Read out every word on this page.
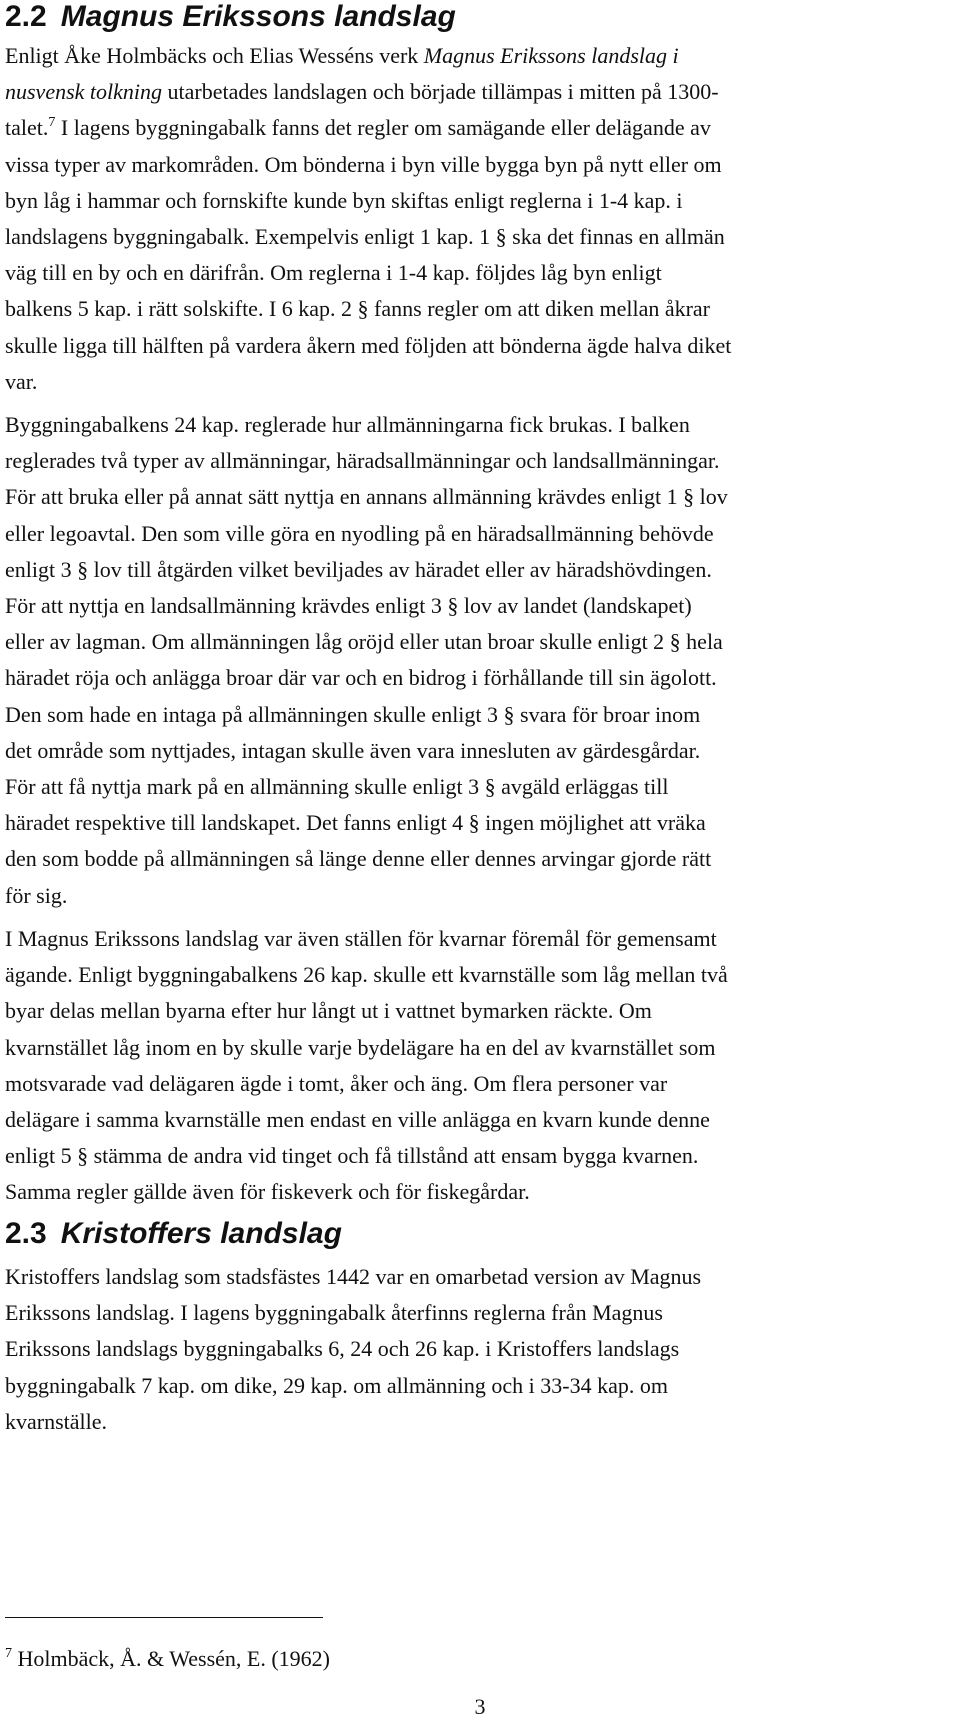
2.2 Magnus Erikssons landslag

Enligt Åke Holmbäcks och Elias Wesséns verk Magnus Erikssons landslag i
nusvensk tolkning utarbetades landslagen och började tillämpas i mitten på 1300-
talet.$^7$ I lagens byggningabalk fanns det regler om samägande eller delägande av
vissa typer av markområden. Om bönderna i byn ville bygga byn på nytt eller om
byn låg i hammar och fornskifte kunde byn skiftas enligt reglerna i 1-4 kap. i
landslagens byggningabalk. Exempelvis enligt 1 kap. 1 § ska det finnas en allmän
väg till en by och en därifrån. Om reglerna i 1-4 kap. följdes låg byn enligt
balkens 5 kap. i rätt solskifte. I 6 kap. 2 § fanns regler om att diken mellan åkrar
skulle ligga till hälften på vardera åkern med följden att bönderna ägde halva diket
var.

Byggningabalkens 24 kap. reglerade hur allmänningarna fick brukas. I balken
reglerades två typer av allmänningar, häradsallmänningar och landsallmänningar.
För att bruka eller på annat sätt nyttja en annans allmänning krävdes enligt 1 § lov
eller legoavtal. Den som ville göra en nyodling på en häradsallmänning behövde
enligt 3 § lov till åtgärden vilket beviljades av häradet eller av häradshövdingen.
För att nyttja en landsallmänning krävdes enligt 3 § lov av landet (landskapet)
eller av lagman. Om allmänningen låg oröjd eller utan broar skulle enligt 2 § hela
häradet röja och anlägga broar där var och en bidrog i förhållande till sin ägolott.
Den som hade en intaga på allmänningen skulle enligt 3 § svara för broar inom
det område som nyttjades, intagan skulle även vara innesluten av gärdesgårdar.
För att få nyttja mark på en allmänning skulle enligt 3 § avgäld erläggas till
häradet respektive till landskapet. Det fanns enligt 4 § ingen möjlighet att vräka
den som bodde på allmänningen så länge denne eller dennes arvingar gjorde rätt
för sig.

I Magnus Erikssons landslag var även ställen för kvarnar föremål för gemensamt
ägande. Enligt byggningabalkens 26 kap. skulle ett kvarnställe som låg mellan två
byar delas mellan byarna efter hur långt ut i vattnet bymarken räckte. Om
kvarnstället låg inom en by skulle varje bydelägare ha en del av kvarnstället som
motsvarade vad delägaren ägde i tomt, åker och äng. Om flera personer var
delägare i samma kvarnställe men endast en ville anlägga en kvarn kunde denne
enligt 5 § stämma de andra vid tinget och få tillstånd att ensam bygga kvarnen.
Samma regler gällde även för fiskeverk och för fiskegårdar.

2.3 Kristoffers landslag

Kristoffers landslag som stadsfästes 1442 var en omarbetad version av Magnus
Erikssons landslag. I lagens byggningabalk återfinns reglerna från Magnus
Erikssons landslags byggningabalks 6, 24 och 26 kap. i Kristoffers landslags
byggningabalk 7 kap. om dike, 29 kap. om allmänning och i 33-34 kap. om
kvarnställe.

$^7$ Holmbäck, Å. & Wessén, E. (1962)
3
